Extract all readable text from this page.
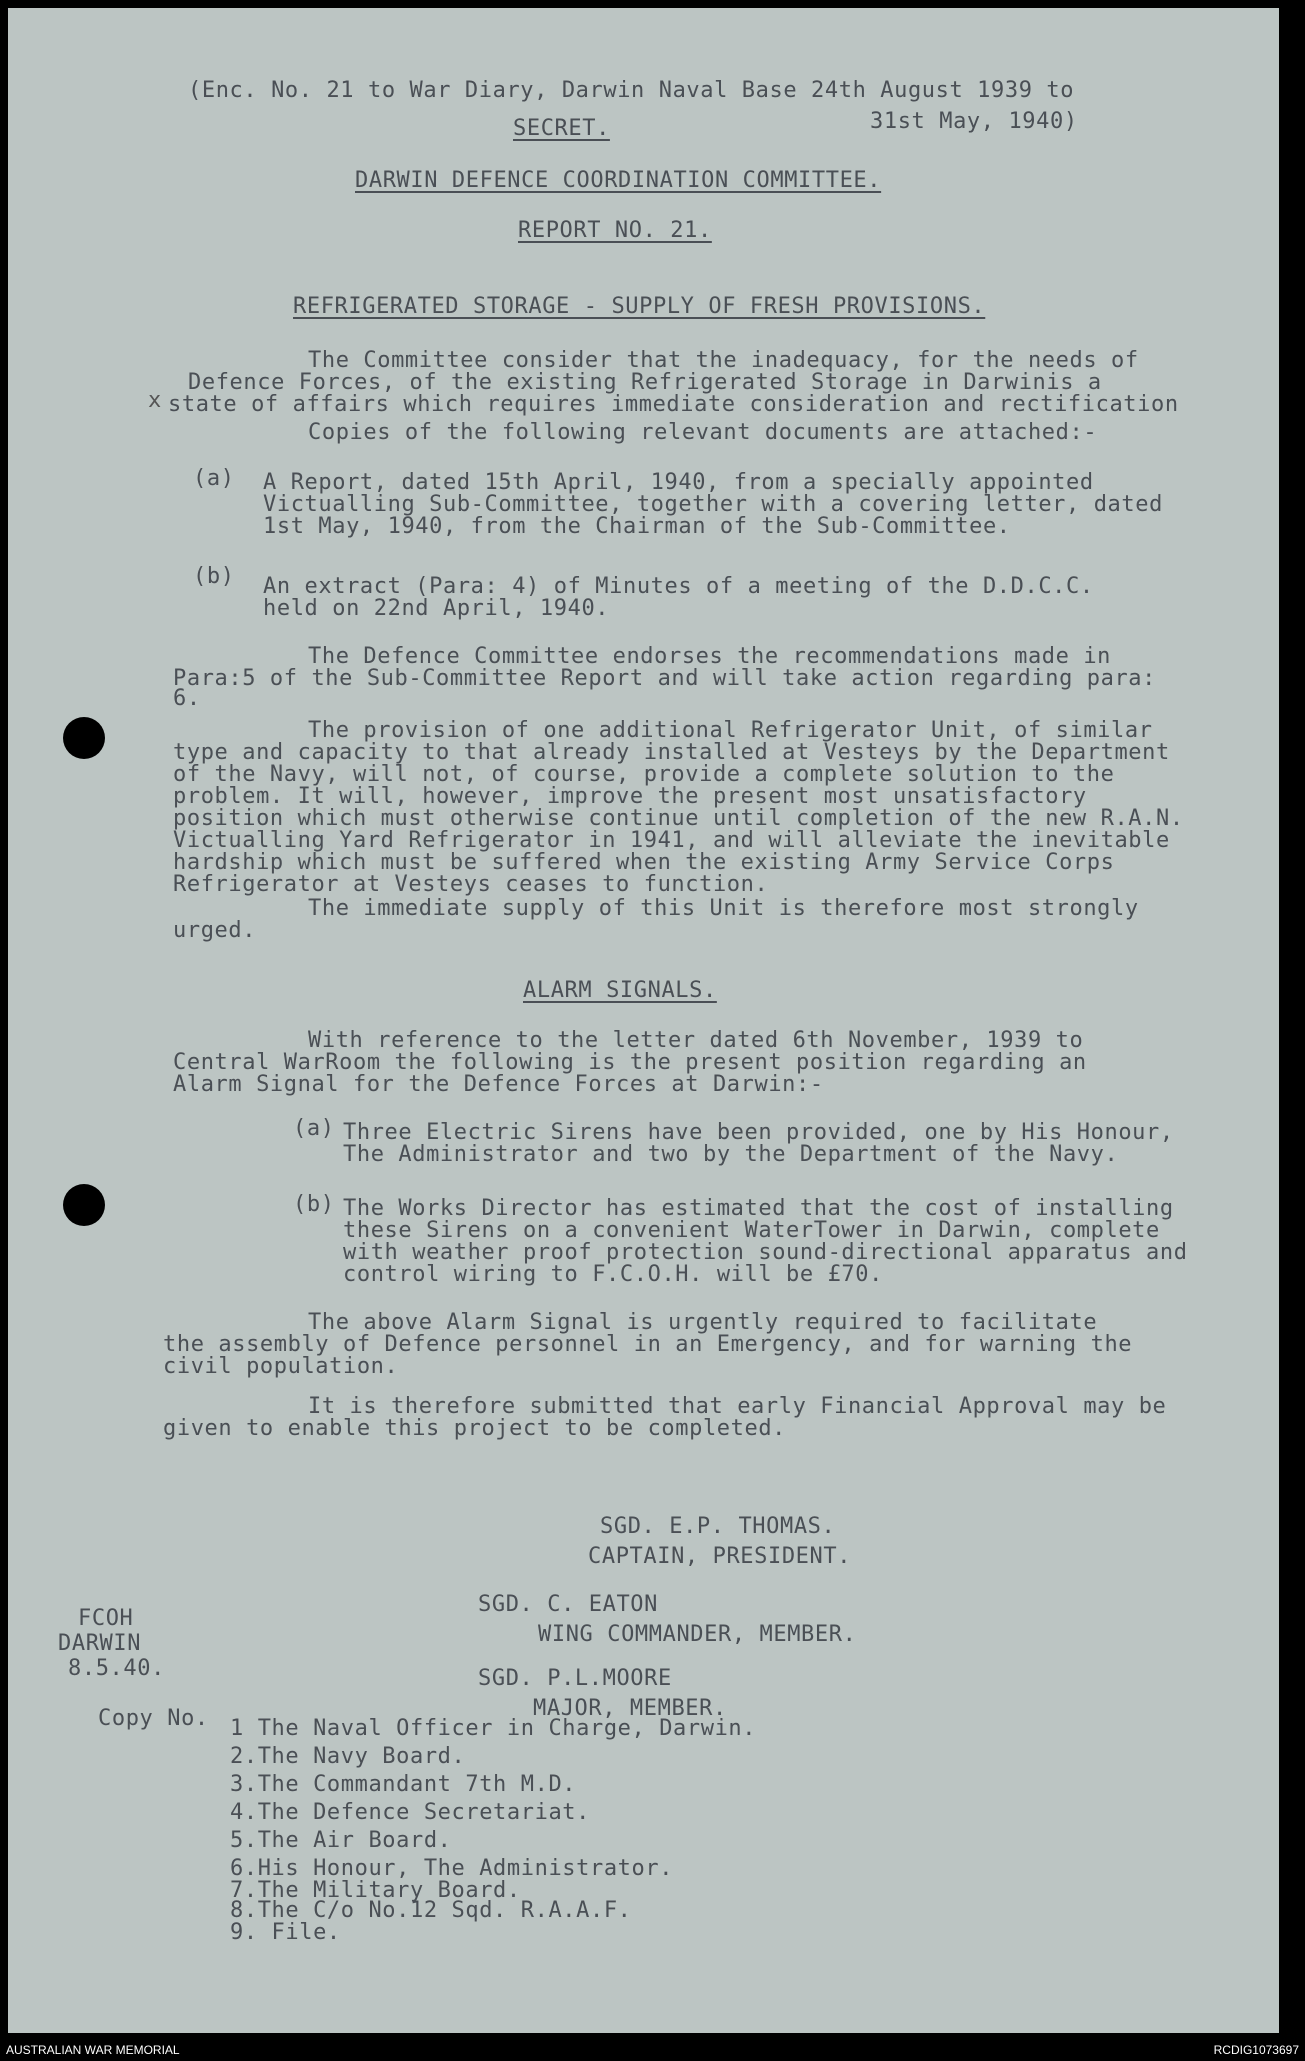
(Enc. No. 21 to War Diary, Darwin Naval Base 24th August 1939 to
31st May, 1940)
SECRET.
DARWIN DEFENCE COORDINATION COMMITTEE.
REPORT NO. 21.
REFRIGERATED STORAGE - SUPPLY OF FRESH PROVISIONS.
x
The Committee consider that the inadequacy, for the needs of
Defence Forces, of the existing Refrigerated Storage in Darwinis a
state of affairs which requires immediate consideration and rectification
Copies of the following relevant documents are attached:-
(a) A Report, dated 15th April, 1940, from a specially appointed
Victualling Sub-Committee, together with a covering letter, dated
1st May, 1940, from the Chairman of the Sub-Committee.
(b) An extract (Para: 4) of Minutes of a meeting of the D.D.C.C.
held on 22nd April, 1940.
The Defence Committee endorses the recommendations made in
Para:5 of the Sub-Committee Report and will take action regarding para:
6.
The provision of one additional Refrigerator Unit, of similar
type and capacity to that already installed at Vesteys by the Department
of the Navy, will not, of course, provide a complete solution to the
problem. It will, however, improve the present most unsatisfactory
position which must otherwise continue until completion of the new R.A.N.
Victualling Yard Refrigerator in 1941, and will alleviate the inevitable
hardship which must be suffered when the existing Army Service Corps
Refrigerator at Vesteys ceases to function.
The immediate supply of this Unit is therefore most strongly
urged.
ALARM SIGNALS.
With reference to the letter dated 6th November, 1939 to
Central WarRoom the following is the present position regarding an
Alarm Signal for the Defence Forces at Darwin:-
(a) Three Electric Sirens have been provided, one by His Honour,
The Administrator and two by the Department of the Navy.
(b) The Works Director has estimated that the cost of installing
these Sirens on a convenient WaterTower in Darwin, complete
with weather proof protection sound-directional apparatus and
control wiring to F.C.O.H. will be £70.
The above Alarm Signal is urgently required to facilitate
the assembly of Defence personnel in an Emergency, and for warning the
civil population.
It is therefore submitted that early Financial Approval may be
given to enable this project to be completed.
SGD. E.P. THOMAS.
CAPTAIN, PRESIDENT.
SGD. C. EATON
WING COMMANDER, MEMBER.
SGD. P.L.MOORE
MAJOR, MEMBER.
FCOH
DARWIN
8.5.40.
Copy No. 1 The Naval Officer in Charge, Darwin.
2.The Navy Board.
3.The Commandant 7th M.D.
4.The Defence Secretariat.
5.The Air Board.
6.His Honour, The Administrator.
7.The Military Board.
8.The C/o No.12 Sqd. R.A.A.F.
9. File.
AUSTRALIAN WAR MEMORIAL	RCDIG1073697
